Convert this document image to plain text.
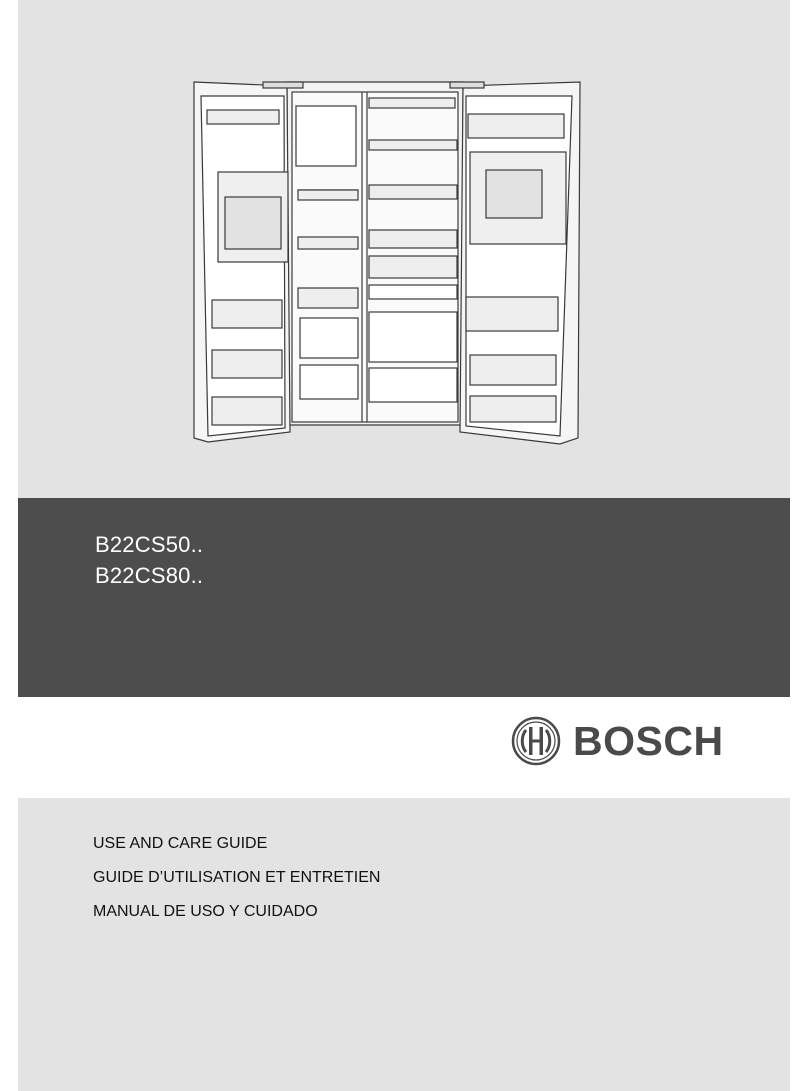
B22CS50..
B22CS80..
BOSCH
USE AND CARE GUIDE
GUIDE D’UTILISATION ET ENTRETIEN
MANUAL DE USO Y CUIDADO
